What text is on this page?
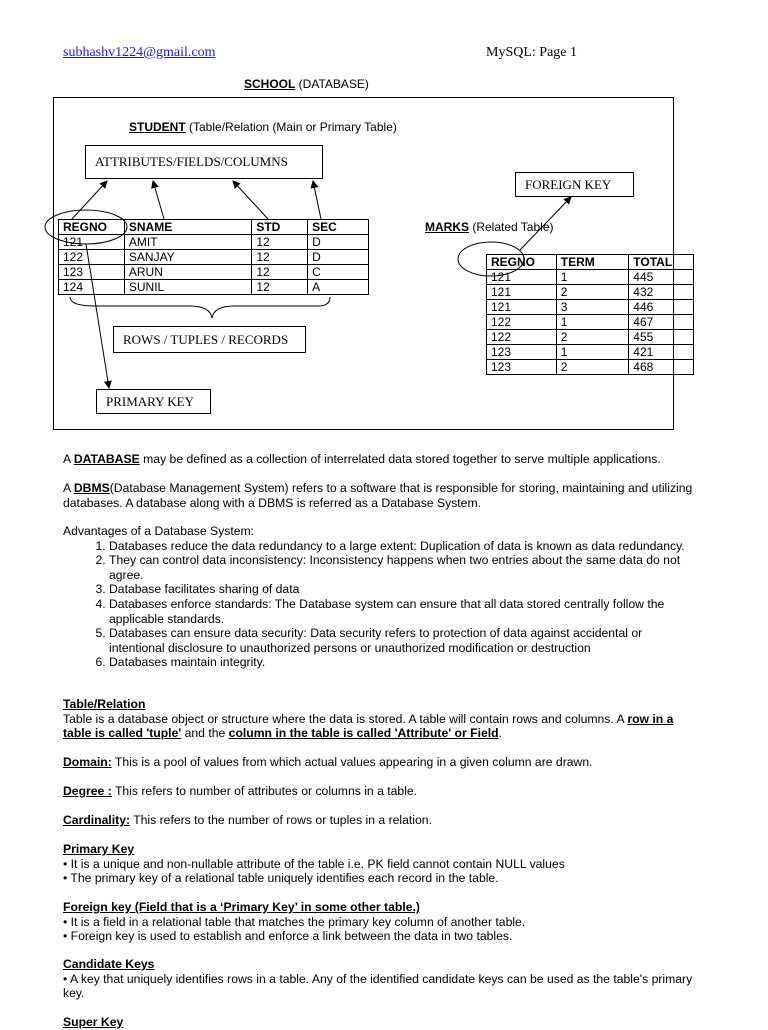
subhashv1224@gmail.com	MySQL: Page 1
SCHOOL (DATABASE)
STUDENT (Table/Relation (Main or Primary Table)
ATTRIBUTES/FIELDS/COLUMNS
FOREIGN KEY
MARKS (Related Table)
REGNO	SNAME	STD	SEC
121	AMIT	12	D
122	SANJAY	12	D
123	ARUN	12	C
124	SUNIL	12	A
REGNO	TERM	TOTAL
121	1	445
121	2	432
121	3	446
122	1	467
122	2	455
123	1	421
123	2	468
ROWS / TUPLES / RECORDS
PRIMARY KEY

A DATABASE may be defined as a collection of interrelated data stored together to serve multiple applications.

A DBMS(Database Management System) refers to a software that is responsible for storing, maintaining and utilizing databases. A database along with a DBMS is referred as a Database System.

Advantages of a Database System:

1. Databases reduce the data redundancy to a large extent: Duplication of data is known as data redundancy.
2. They can control data inconsistency: Inconsistency happens when two entries about the same data do not agree.
3. Database facilitates sharing of data
4. Databases enforce standards: The Database system can ensure that all data stored centrally follow the applicable standards.
5. Databases can ensure data security: Data security refers to protection of data against accidental or intentional disclosure to unauthorized persons or unauthorized modification or destruction
6. Databases maintain integrity.

Table/Relation

Table is a database object or structure where the data is stored. A table will contain rows and columns. A row in a table is called 'tuple' and the column in the table is called 'Attribute' or Field.

Domain: This is a pool of values from which actual values appearing in a given column are drawn.

Degree : This refers to number of attributes or columns in a table.

Cardinality: This refers to the number of rows or tuples in a relation.

Primary Key

• It is a unique and non-nullable attribute of the table i.e. PK field cannot contain NULL values

• The primary key of a relational table uniquely identifies each record in the table.

Foreign key (Field that is a ‘Primary Key’ in some other table.)

• It is a field in a relational table that matches the primary key column of another table.

• Foreign key is used to establish and enforce a link between the data in two tables.

Candidate Keys

• A key that uniquely identifies rows in a table. Any of the identified candidate keys can be used as the table's primary key.

Super Key
